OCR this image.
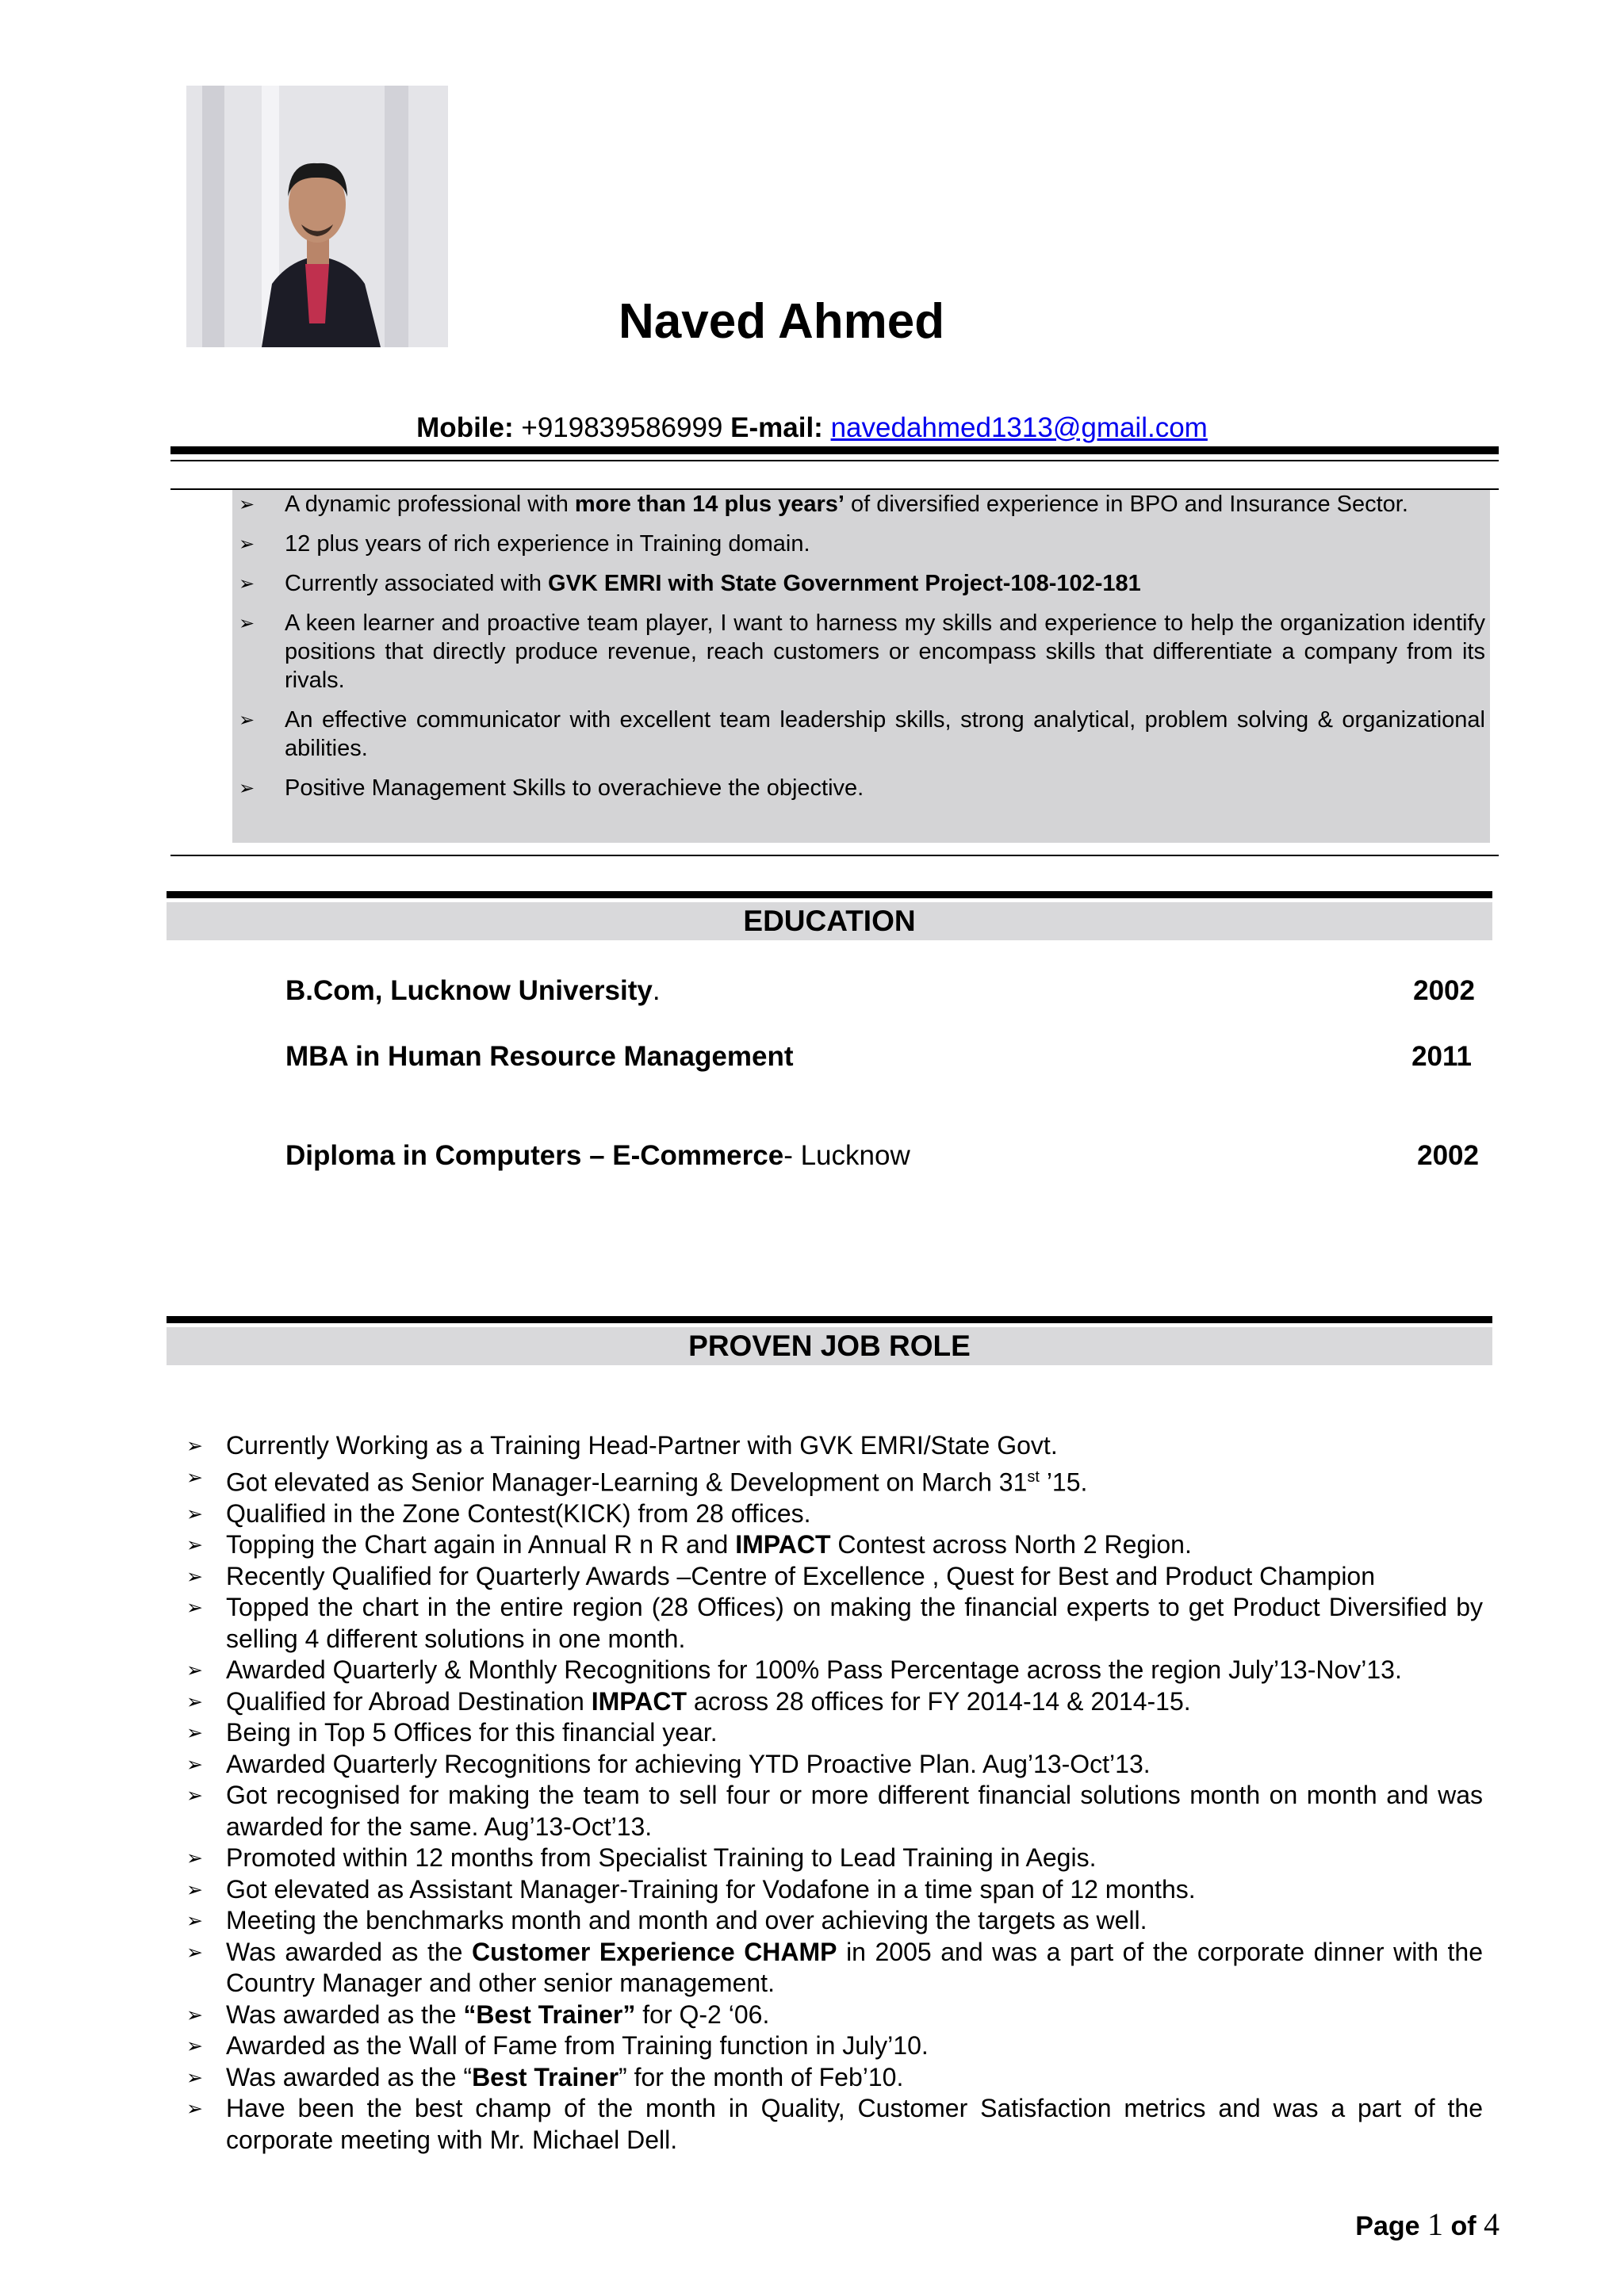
Naved Ahmed
Mobile: +919839586999 E-mail: navedahmed1313@gmail.com
➢ A dynamic professional with more than 14 plus years’ of diversified experience in BPO and Insurance Sector.
➢ 12 plus years of rich experience in Training domain.
➢ Currently associated with GVK EMRI with State Government Project-108-102-181
➢ A keen learner and proactive team player, I want to harness my skills and experience to help the organization identify positions that directly produce revenue, reach customers or encompass skills that differentiate a company from its rivals.
➢ An effective communicator with excellent team leadership skills, strong analytical, problem solving & organizational abilities.
➢ Positive Management Skills to overachieve the objective.
EDUCATION
B.Com, Lucknow University.	2002
MBA in Human Resource Management	2011
Diploma in Computers – E-Commerce- Lucknow	2002
PROVEN JOB ROLE
➢ Currently Working as a Training Head-Partner with GVK EMRI/State Govt.
➢ Got elevated as Senior Manager-Learning & Development on March 31st ’15.
➢ Qualified in the Zone Contest(KICK) from 28 offices.
➢ Topping the Chart again in Annual R n R and IMPACT Contest across North 2 Region.
➢ Recently Qualified for Quarterly Awards –Centre of Excellence , Quest for Best and Product Champion
➢ Topped the chart in the entire region (28 Offices) on making the financial experts to get Product Diversified by selling 4 different solutions in one month.
➢ Awarded Quarterly & Monthly Recognitions for 100% Pass Percentage across the region July’13-Nov’13.
➢ Qualified for Abroad Destination IMPACT across 28 offices for FY 2014-14 & 2014-15.
➢ Being in Top 5 Offices for this financial year.
➢ Awarded Quarterly Recognitions for achieving YTD Proactive Plan. Aug’13-Oct’13.
➢ Got recognised for making the team to sell four or more different financial solutions month on month and was awarded for the same. Aug’13-Oct’13.
➢ Promoted within 12 months from Specialist Training to Lead Training in Aegis.
➢ Got elevated as Assistant Manager-Training for Vodafone in a time span of 12 months.
➢ Meeting the benchmarks month and month and over achieving the targets as well.
➢ Was awarded as the Customer Experience CHAMP in 2005 and was a part of the corporate dinner with the Country Manager and other senior management.
➢ Was awarded as the “Best Trainer” for Q-2 ‘06.
➢ Awarded as the Wall of Fame from Training function in July’10.
➢ Was awarded as the “Best Trainer” for the month of Feb’10.
➢ Have been the best champ of the month in Quality, Customer Satisfaction metrics and was a part of the corporate meeting with Mr. Michael Dell.
Page 1 of 4
